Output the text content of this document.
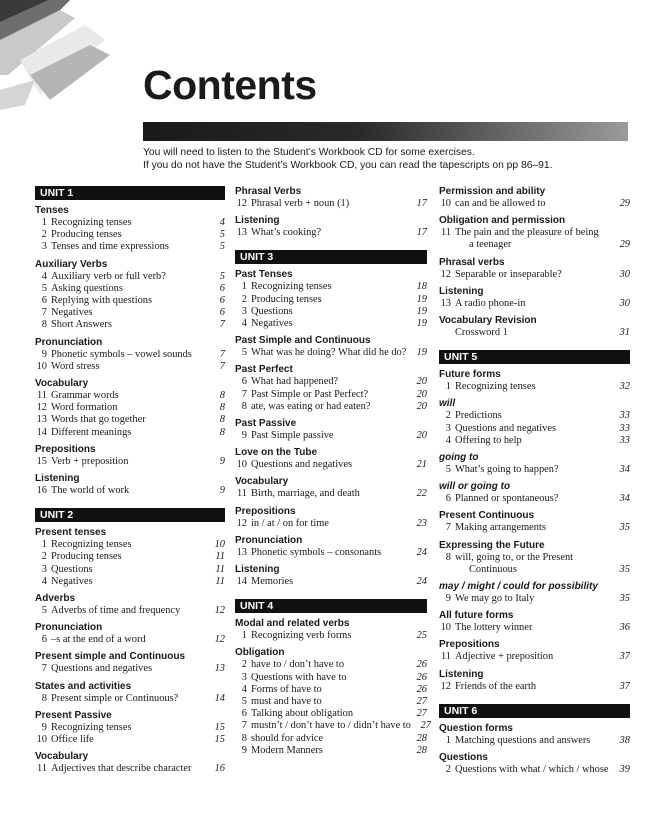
Contents
You will need to listen to the Student’s Workbook CD for some exercises.
If you do not have the Student’s Workbook CD, you can read the tapescripts on pp 86–91.
UNIT 1
Tenses
1 Recognizing tenses	4
2 Producing tenses	5
3 Tenses and time expressions	5
Auxiliary Verbs
4 Auxiliary verb or full verb?	5
5 Asking questions	6
6 Replying with questions	6
7 Negatives	6
8 Short Answers	7
Pronunciation
9 Phonetic symbols – vowel sounds	7
10 Word stress	7
Vocabulary
11 Grammar words	8
12 Word formation	8
13 Words that go together	8
14 Different meanings	8
Prepositions
15 Verb + preposition	9
Listening
16 The world of work	9
UNIT 2
Present tenses
1 Recognizing tenses	10
2 Producing tenses	11
3 Questions	11
4 Negatives	11
Adverbs
5 Adverbs of time and frequency	12
Pronunciation
6 –s at the end of a word	12
Present simple and Continuous
7 Questions and negatives	13
States and activities
8 Present simple or Continuous?	14
Present Passive
9 Recognizing tenses	15
10 Office life	15
Vocabulary
11 Adjectives that describe character	16
Phrasal Verbs
12 Phrasal verb + noun (1)	17
Listening
13 What’s cooking?	17
UNIT 3
Past Tenses
1 Recognizing tenses	18
2 Producing tenses	19
3 Questions	19
4 Negatives	19
Past Simple and Continuous
5 What was he doing? What did he do? 19
Past Perfect
6 What had happened?	20
7 Past Simple or Past Perfect?	20
8 ate, was eating or had eaten?	20
Past Passive
9 Past Simple passive	20
Love on the Tube
10 Questions and negatives	21
Vocabulary
11 Birth, marriage, and death	22
Prepositions
12 in / at / on for time	23
Pronunciation
13 Phonetic symbols – consonants	24
Listening
14 Memories	24
UNIT 4
Modal and related verbs
1 Recognizing verb forms	25
Obligation
2 have to / don’t have to	26
3 Questions with have to	26
4 Forms of have to	26
5 must and have to	27
6 Talking about obligation	27
7 mustn’t / don’t have to / didn’t have to 27
8 should for advice	28
9 Modern Manners	28
Permission and ability
10 can and be allowed to	29
Obligation and permission
11 The pain and the pleasure of being
a teenager	29
Phrasal verbs
12 Separable or inseparable?	30
Listening
13 A radio phone-in	30
Vocabulary Revision
Crossword 1	31
UNIT 5
Future forms
1 Recognizing tenses	32
will
2 Predictions	33
3 Questions and negatives	33
4 Offering to help	33
going to
5 What’s going to happen?	34
will or going to
6 Planned or spontaneous?	34
Present Continuous
7 Making arrangements	35
Expressing the Future
8 will, going to, or the Present
Continuous	35
may / might / could for possibility
9 We may go to Italy	35
All future forms
10 The lottery winner	36
Prepositions
11 Adjective + preposition	37
Listening
12 Friends of the earth	37
UNIT 6
Question forms
1 Matching questions and answers	38
Questions
2 Questions with what / which / whose	39
